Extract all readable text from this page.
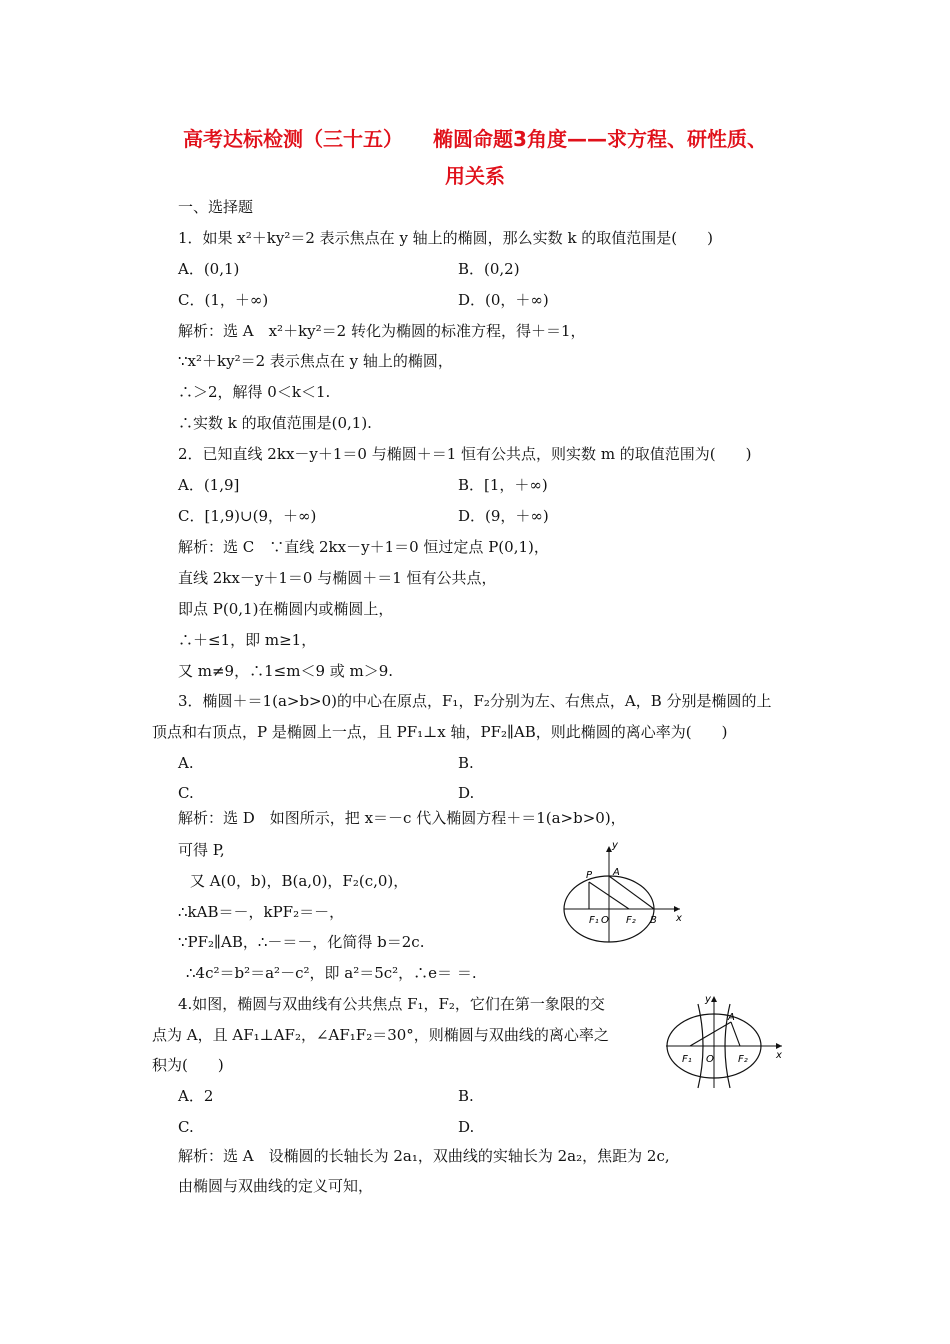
高考达标检测（三十五）　　椭圆命题3角度——求方程、研性质、
用关系
一、选择题
1．如果 x²＋ky²＝2 表示焦点在 y 轴上的椭圆，那么实数 k 的取值范围是(　　)
A．(0,1)	B．(0,2)
C．(1，＋∞)	D．(0，＋∞)
解析：选 A　x²＋ky²＝2 转化为椭圆的标准方程，得＋＝1，
∵x²＋ky²＝2 表示焦点在 y 轴上的椭圆，
∴＞2，解得 0＜k＜1.
∴实数 k 的取值范围是(0,1).
2．已知直线 2kx－y＋1＝0 与椭圆＋＝1 恒有公共点，则实数 m 的取值范围为(　　)
A．(1,9]	B．[1，＋∞)
C．[1,9)∪(9，＋∞)	D．(9，＋∞)
解析：选 C　∵直线 2kx－y＋1＝0 恒过定点 P(0,1)，
直线 2kx－y＋1＝0 与椭圆＋＝1 恒有公共点，
即点 P(0,1)在椭圆内或椭圆上，
∴＋≤1，即 m≥1，
又 m≠9，∴1≤m＜9 或 m＞9.
3．椭圆＋＝1(a>b>0)的中心在原点，F₁，F₂分别为左、右焦点，A，B 分别是椭圆的上
顶点和右顶点，P 是椭圆上一点，且 PF₁⊥x 轴，PF₂∥AB，则此椭圆的离心率为(　　)
A.	B.
C.	D.
解析：选 D　如图所示，把 x＝－c 代入椭圆方程＋＝1(a>b>0)，
可得 P,
又 A(0，b)，B(a,0)，F₂(c,0)，
∴kAB＝－，kPF₂＝－，
∵PF₂∥AB，∴－＝－，化简得 b＝2c.
∴4c²＝b²＝a²－c²，即 a²＝5c²，∴e＝ ＝.
P A
y
F₁ O F₂ B x
4.如图，椭圆与双曲线有公共焦点 F₁，F₂，它们在第一象限的交
点为 A，且 AF₁⊥AF₂，∠AF₁F₂＝30°，则椭圆与双曲线的离心率之
积为(　　)
A．2	B.
C.	D.
解析：选 A　设椭圆的长轴长为 2a₁，双曲线的实轴长为 2a₂，焦距为 2c,
由椭圆与双曲线的定义可知，
y
A
F₁ O F₂	x
